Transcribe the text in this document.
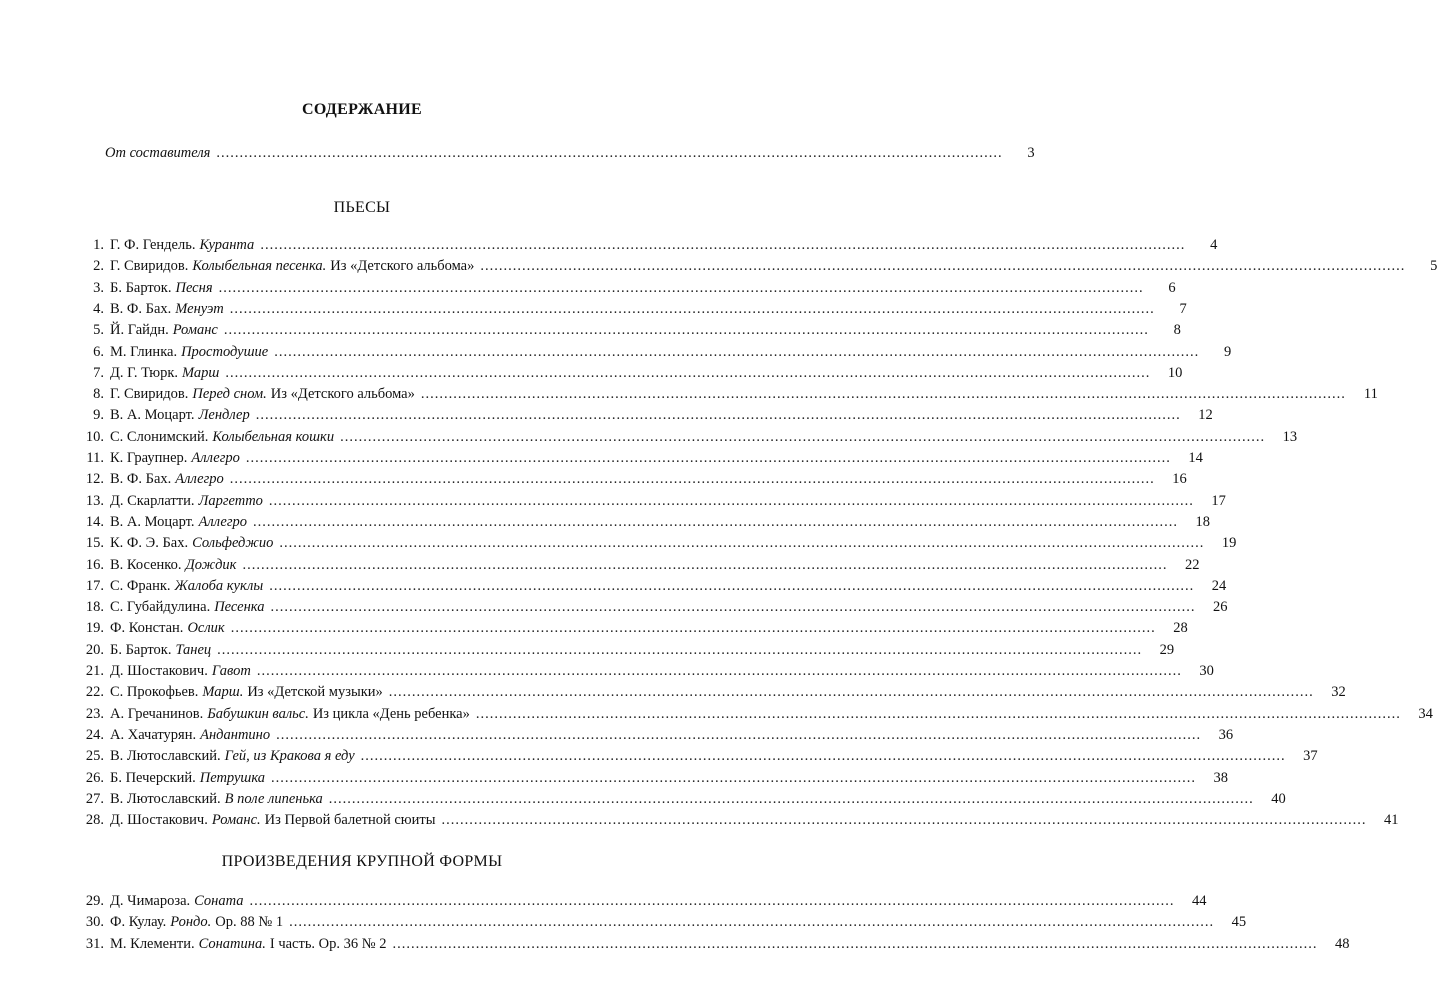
СОДЕРЖАНИЕ
От составителя ..........................................................................................................................................................................	3
ПЬЕСЫ
1. Г. Ф. Гендель. Куранта ........................................................................................................................................................................................................	4
2. Г. Свиридов. Колыбельная песенка. Из «Детского альбома» ........................................................................................................................................................................................................	5
3. Б. Барток. Песня ........................................................................................................................................................................................................	6
4. В. Ф. Бах. Менуэт ........................................................................................................................................................................................................	7
5. Й. Гайдн. Романс ........................................................................................................................................................................................................	8
6. М. Глинка. Простодушие ........................................................................................................................................................................................................	9
7. Д. Г. Тюрк. Марш ........................................................................................................................................................................................................	10
8. Г. Свиридов. Перед сном. Из «Детского альбома» ........................................................................................................................................................................................................	11
9. В. А. Моцарт. Лендлер ........................................................................................................................................................................................................	12
10. С. Слонимский. Колыбельная кошки ........................................................................................................................................................................................................	13
11. К. Граупнер. Аллегро ........................................................................................................................................................................................................	14
12. В. Ф. Бах. Аллегро ........................................................................................................................................................................................................	16
13. Д. Скарлатти. Ларгетто ........................................................................................................................................................................................................	17
14. В. А. Моцарт. Аллегро ........................................................................................................................................................................................................	18
15. К. Ф. Э. Бах. Сольфеджио ........................................................................................................................................................................................................	19
16. В. Косенко. Дождик ........................................................................................................................................................................................................	22
17. С. Франк. Жалоба куклы ........................................................................................................................................................................................................	24
18. С. Губайдулина. Песенка ........................................................................................................................................................................................................	26
19. Ф. Констан. Ослик ........................................................................................................................................................................................................	28
20. Б. Барток. Танец ........................................................................................................................................................................................................	29
21. Д. Шостакович. Гавот ........................................................................................................................................................................................................	30
22. С. Прокофьев. Марш. Из «Детской музыки» ........................................................................................................................................................................................................	32
23. А. Гречанинов. Бабушкин вальс. Из цикла «День ребенка» ........................................................................................................................................................................................................	34
24. А. Хачатурян. Андантино ........................................................................................................................................................................................................	36
25. В. Лютославский. Гей, из Кракова я еду ........................................................................................................................................................................................................	37
26. Б. Печерский. Петрушка ........................................................................................................................................................................................................	38
27. В. Лютославский. В поле липенька ........................................................................................................................................................................................................	40
28. Д. Шостакович. Романс. Из Первой балетной сюиты ........................................................................................................................................................................................................	41
ПРОИЗВЕДЕНИЯ КРУПНОЙ ФОРМЫ
29. Д. Чимароза. Соната ........................................................................................................................................................................................................	44
30. Ф. Кулау. Рондо. Ор. 88 № 1 ........................................................................................................................................................................................................	45
31. М. Клементи. Сонатина. I часть. Ор. 36 № 2 ........................................................................................................................................................................................................	48
